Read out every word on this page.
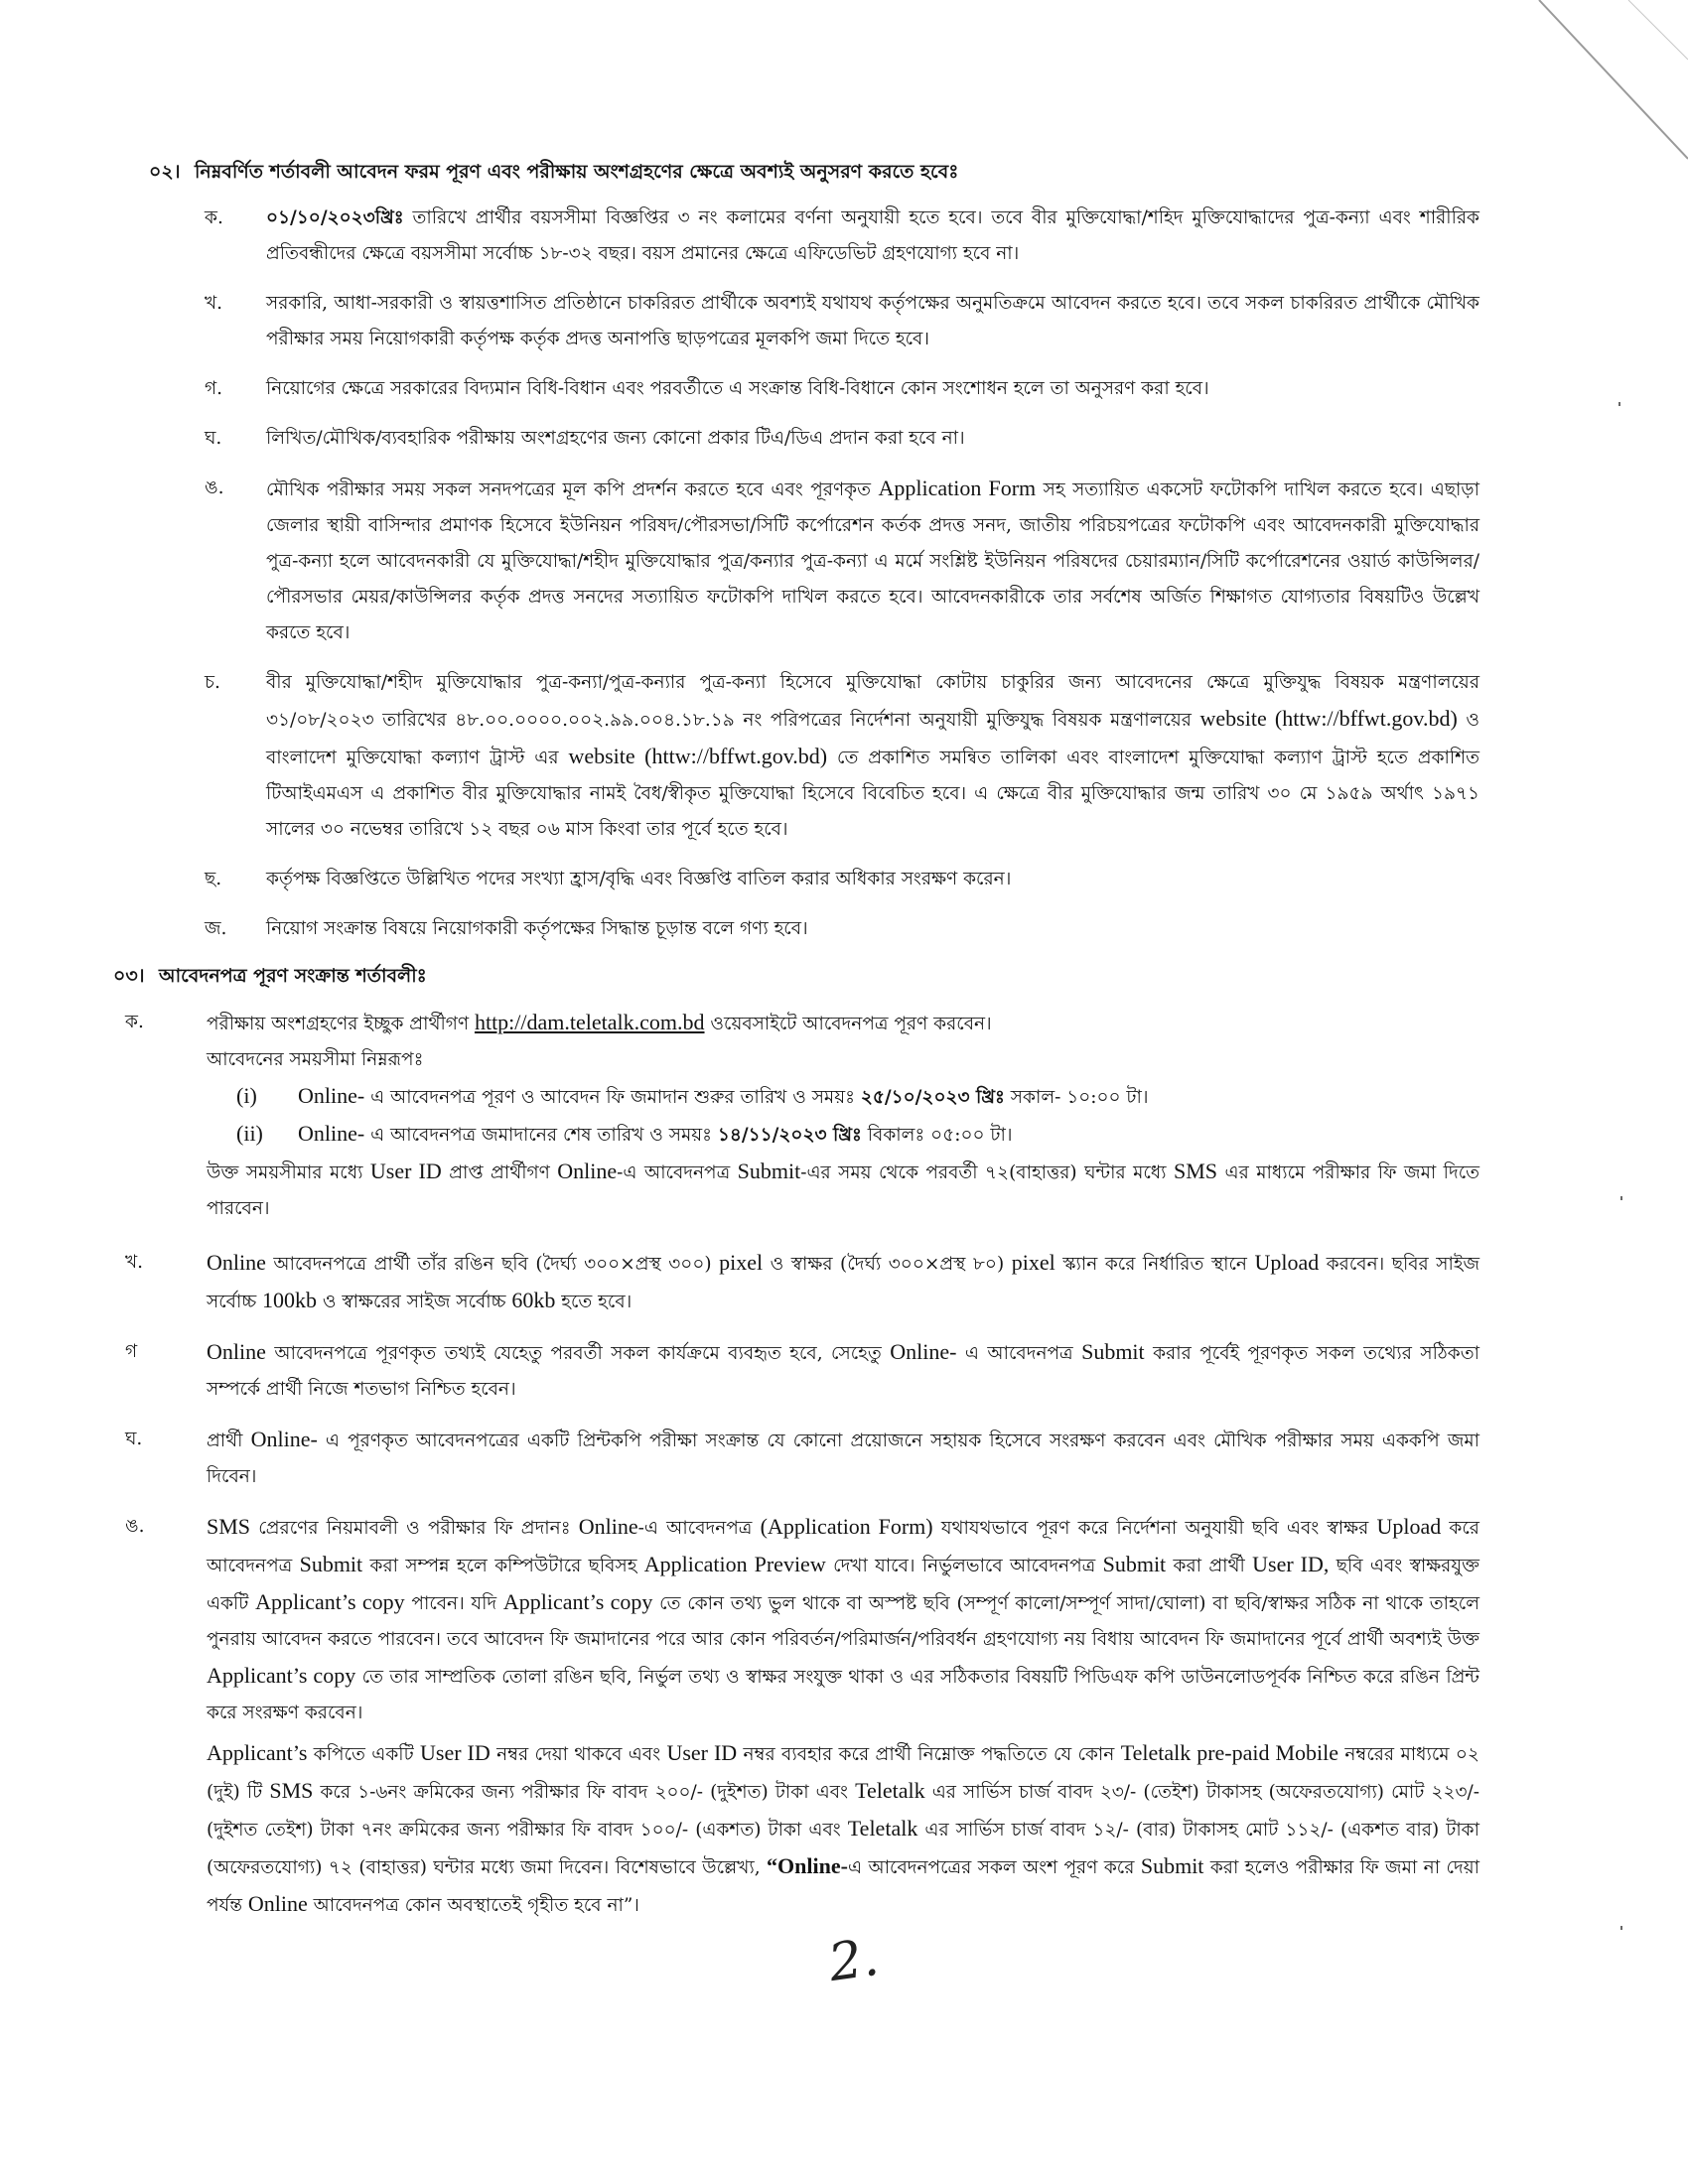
০২। নিম্নবর্ণিত শর্তাবলী আবেদন ফরম পূরণ এবং পরীক্ষায় অংশগ্রহণের ক্ষেত্রে অবশ্যই অনুসরণ করতে হবেঃ
ক.	০১/১০/২০২৩খ্রিঃ তারিখে প্রার্থীর বয়সসীমা বিজ্ঞপ্তির ৩ নং কলামের বর্ণনা অনুযায়ী হতে হবে। তবে বীর মুক্তিযোদ্ধা/শহিদ মুক্তিযোদ্ধাদের পুত্র-কন্যা এবং শারীরিক প্রতিবন্ধীদের ক্ষেত্রে বয়সসীমা সর্বোচ্চ ১৮-৩২ বছর। বয়স প্রমানের ক্ষেত্রে এফিডেভিট গ্রহণযোগ্য হবে না।
খ.	সরকারি, আধা-সরকারী ও স্বায়ত্তশাসিত প্রতিষ্ঠানে চাকরিরত প্রার্থীকে অবশ্যই যথাযথ কর্তৃপক্ষের অনুমতিক্রমে আবেদন করতে হবে। তবে সকল চাকরিরত প্রার্থীকে মৌখিক পরীক্ষার সময় নিয়োগকারী কর্তৃপক্ষ কর্তৃক প্রদত্ত অনাপত্তি ছাড়পত্রের মূলকপি জমা দিতে হবে।
গ.	নিয়োগের ক্ষেত্রে সরকারের বিদ্যমান বিধি-বিধান এবং পরবর্তীতে এ সংক্রান্ত বিধি-বিধানে কোন সংশোধন হলে তা অনুসরণ করা হবে।
ঘ.	লিখিত/মৌখিক/ব্যবহারিক পরীক্ষায় অংশগ্রহণের জন্য কোনো প্রকার টিএ/ডিএ প্রদান করা হবে না।
ঙ.	মৌখিক পরীক্ষার সময় সকল সনদপত্রের মূল কপি প্রদর্শন করতে হবে এবং পূরণকৃত Application Form সহ সত্যায়িত একসেট ফটোকপি দাখিল করতে হবে। এছাড়া জেলার স্থায়ী বাসিন্দার প্রমাণক হিসেবে ইউনিয়ন পরিষদ/পৌরসভা/সিটি কর্পোরেশন কর্তক প্রদত্ত সনদ, জাতীয় পরিচয়পত্রের ফটোকপি এবং আবেদনকারী মুক্তিযোদ্ধার পুত্র-কন্যা হলে আবেদনকারী যে মুক্তিযোদ্ধা/শহীদ মুক্তিযোদ্ধার পুত্র/কন্যার পুত্র-কন্যা এ মর্মে সংশ্লিষ্ট ইউনিয়ন পরিষদের চেয়ারম্যান/সিটি কর্পোরেশনের ওয়ার্ড কাউন্সিলর/পৌরসভার মেয়র/কাউন্সিলর কর্তৃক প্রদত্ত সনদের সত্যায়িত ফটোকপি দাখিল করতে হবে। আবেদনকারীকে তার সর্বশেষ অর্জিত শিক্ষাগত যোগ্যতার বিষয়টিও উল্লেখ করতে হবে।
চ.	বীর মুক্তিযোদ্ধা/শহীদ মুক্তিযোদ্ধার পুত্র-কন্যা/পুত্র-কন্যার পুত্র-কন্যা হিসেবে মুক্তিযোদ্ধা কোটায় চাকুরির জন্য আবেদনের ক্ষেত্রে মুক্তিযুদ্ধ বিষয়ক মন্ত্রণালয়ের ৩১/০৮/২০২৩ তারিখের ৪৮.০০.০০০০.০০২.৯৯.০০৪.১৮.১৯ নং পরিপত্রের নির্দেশনা অনুযায়ী মুক্তিযুদ্ধ বিষয়ক মন্ত্রণালয়ের website (httw://bffwt.gov.bd) ও বাংলাদেশ মুক্তিযোদ্ধা কল্যাণ ট্রাস্ট এর website (httw://bffwt.gov.bd) তে প্রকাশিত সমন্বিত তালিকা এবং বাংলাদেশ মুক্তিযোদ্ধা কল্যাণ ট্রাস্ট হতে প্রকাশিত টিআইএমএস এ প্রকাশিত বীর মুক্তিযোদ্ধার নামই বৈধ/স্বীকৃত মুক্তিযোদ্ধা হিসেবে বিবেচিত হবে। এ ক্ষেত্রে বীর মুক্তিযোদ্ধার জন্ম তারিখ ৩০ মে ১৯৫৯ অর্থাৎ ১৯৭১ সালের ৩০ নভেম্বর তারিখে ১২ বছর ০৬ মাস কিংবা তার পূর্বে হতে হবে।
ছ.	কর্তৃপক্ষ বিজ্ঞপ্তিতে উল্লিখিত পদের সংখ্যা হ্রাস/বৃদ্ধি এবং বিজ্ঞপ্তি বাতিল করার অধিকার সংরক্ষণ করেন।
জ.	নিয়োগ সংক্রান্ত বিষয়ে নিয়োগকারী কর্তৃপক্ষের সিদ্ধান্ত চূড়ান্ত বলে গণ্য হবে।
০৩। আবেদনপত্র পূরণ সংক্রান্ত শর্তাবলীঃ
ক.	পরীক্ষায় অংশগ্রহণের ইচ্ছুক প্রার্থীগণ http://dam.teletalk.com.bd ওয়েবসাইটে আবেদনপত্র পূরণ করবেন।
আবেদনের সময়সীমা নিম্নরূপঃ
(i)	Online- এ আবেদনপত্র পূরণ ও আবেদন ফি জমাদান শুরুর তারিখ ও সময়ঃ ২৫/১০/২০২৩ খ্রিঃ সকাল- ১০:০০ টা।
(ii)	Online- এ আবেদনপত্র জমাদানের শেষ তারিখ ও সময়ঃ ১৪/১১/২০২৩ খ্রিঃ বিকালঃ ০৫:০০ টা।
উক্ত সময়সীমার মধ্যে User ID প্রাপ্ত প্রার্থীগণ Online-এ আবেদনপত্র Submit-এর সময় থেকে পরবর্তী ৭২(বাহাত্তর) ঘন্টার মধ্যে SMS এর মাধ্যমে পরীক্ষার ফি জমা দিতে পারবেন।
খ.	Online আবেদনপত্রে প্রার্থী তাঁর রঙিন ছবি (দৈর্ঘ্য ৩০০×প্রস্থ ৩০০) pixel ও স্বাক্ষর (দৈর্ঘ্য ৩০০×প্রস্থ ৮০) pixel স্ক্যান করে নির্ধারিত স্থানে Upload করবেন। ছবির সাইজ সর্বোচ্চ 100kb ও স্বাক্ষরের সাইজ সর্বোচ্চ 60kb হতে হবে।
গ	Online আবেদনপত্রে পূরণকৃত তথ্যই যেহেতু পরবর্তী সকল কার্যক্রমে ব্যবহৃত হবে, সেহেতু Online- এ আবেদনপত্র Submit করার পূর্বেই পূরণকৃত সকল তথ্যের সঠিকতা সম্পর্কে প্রার্থী নিজে শতভাগ নিশ্চিত হবেন।
ঘ.	প্রার্থী Online- এ পূরণকৃত আবেদনপত্রের একটি প্রিন্টকপি পরীক্ষা সংক্রান্ত যে কোনো প্রয়োজনে সহায়ক হিসেবে সংরক্ষণ করবেন এবং মৌখিক পরীক্ষার সময় এককপি জমা দিবেন।
ঙ.	SMS প্রেরণের নিয়মাবলী ও পরীক্ষার ফি প্রদানঃ Online-এ আবেদনপত্র (Application Form) যথাযথভাবে পূরণ করে নির্দেশনা অনুযায়ী ছবি এবং স্বাক্ষর Upload করে আবেদনপত্র Submit করা সম্পন্ন হলে কম্পিউটারে ছবিসহ Application Preview দেখা যাবে। নির্ভুলভাবে আবেদনপত্র Submit করা প্রার্থী User ID, ছবি এবং স্বাক্ষরযুক্ত একটি Applicant’s copy পাবেন। যদি Applicant’s copy তে কোন তথ্য ভুল থাকে বা অস্পষ্ট ছবি (সম্পূর্ণ কালো/সম্পূর্ণ সাদা/ঘোলা) বা ছবি/স্বাক্ষর সঠিক না থাকে তাহলে পুনরায় আবেদন করতে পারবেন। তবে আবেদন ফি জমাদানের পরে আর কোন পরিবর্তন/পরিমার্জন/পরিবর্ধন গ্রহণযোগ্য নয় বিধায় আবেদন ফি জমাদানের পূর্বে প্রার্থী অবশ্যই উক্ত Applicant’s copy তে তার সাম্প্রতিক তোলা রঙিন ছবি, নির্ভুল তথ্য ও স্বাক্ষর সংযুক্ত থাকা ও এর সঠিকতার বিষয়টি পিডিএফ কপি ডাউনলোডপূর্বক নিশ্চিত করে রঙিন প্রিন্ট করে সংরক্ষণ করবেন।
Applicant’s কপিতে একটি User ID নম্বর দেয়া থাকবে এবং User ID নম্বর ব্যবহার করে প্রার্থী নিম্নোক্ত পদ্ধতিতে যে কোন Teletalk pre-paid Mobile নম্বরের মাধ্যমে ০২ (দুই) টি SMS করে ১-৬নং ক্রমিকের জন্য পরীক্ষার ফি বাবদ ২০০/- (দুইশত) টাকা এবং Teletalk এর সার্ভিস চার্জ বাবদ ২৩/- (তেইশ) টাকাসহ (অফেরতযোগ্য) মোট ২২৩/- (দুইশত তেইশ) টাকা ৭নং ক্রমিকের জন্য পরীক্ষার ফি বাবদ ১০০/- (একশত) টাকা এবং Teletalk এর সার্ভিস চার্জ বাবদ ১২/- (বার) টাকাসহ মোট ১১২/- (একশত বার) টাকা (অফেরতযোগ্য) ৭২ (বাহাত্তর) ঘন্টার মধ্যে জমা দিবেন। বিশেষভাবে উল্লেখ্য, “Online-এ আবেদনপত্রের সকল অংশ পূরণ করে Submit করা হলেও পরীক্ষার ফি জমা না দেয়া পর্যন্ত Online আবেদনপত্র কোন অবস্থাতেই গৃহীত হবে না”।
2.
